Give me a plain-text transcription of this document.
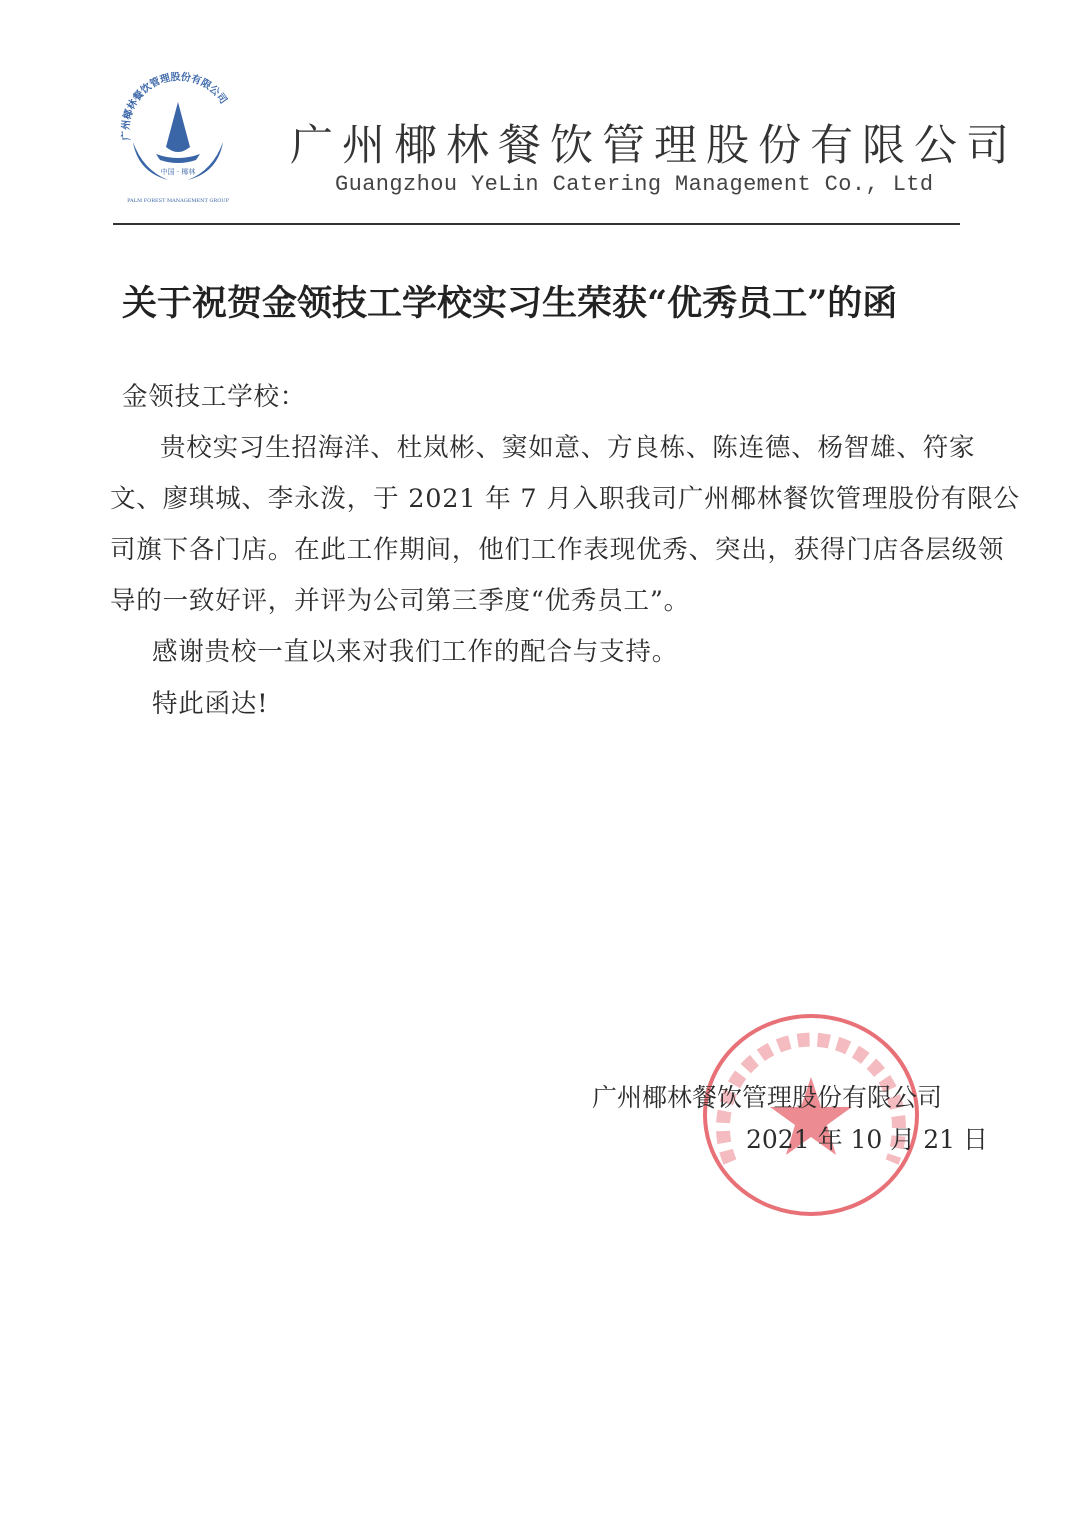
广州椰林餐饮管理股份有限公司
中国 · 椰林
PALM FOREST MANAGEMENT GROUP
广州椰林餐饮管理股份有限公司
Guangzhou YeLin Catering Management Co., Ltd
关于祝贺金领技工学校实习生荣获“优秀员工”的函
金领技工学校：
贵校实习生招海洋、杜岚彬、窦如意、方良栋、陈连德、杨智雄、符家
文、廖琪城、李永泼，于 2021 年 7 月入职我司广州椰林餐饮管理股份有限公
司旗下各门店。在此工作期间，他们工作表现优秀、突出，获得门店各层级领
导的一致好评，并评为公司第三季度“优秀员工”。
感谢贵校一直以来对我们工作的配合与支持。
特此函达!
广州椰林餐饮管理股份有限公司
2021 年 10 月 21 日
